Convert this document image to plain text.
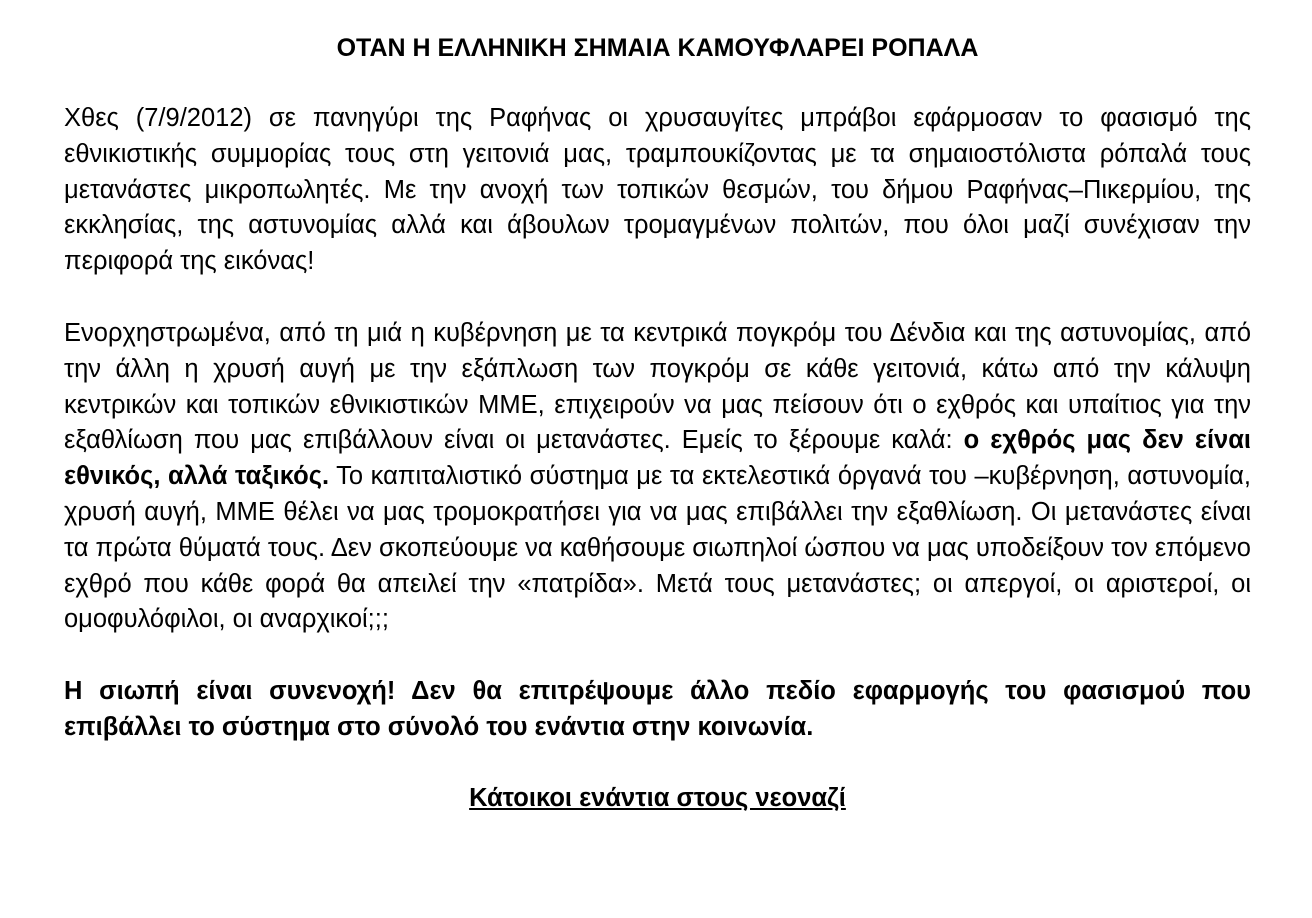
ΟΤΑΝ Η ΕΛΛΗΝΙΚΗ ΣΗΜΑΙΑ ΚΑΜΟΥΦΛΑΡΕΙ ΡΟΠΑΛΑ

Χθες (7/9/2012) σε πανηγύρι της Ραφήνας οι χρυσαυγίτες μπράβοι εφάρμοσαν το φασισμό της εθνικιστικής συμμορίας τους στη γειτονιά μας, τραμπουκίζοντας με τα σημαιοστόλιστα ρόπαλά τους μετανάστες μικροπωλητές. Με την ανοχή των τοπικών θεσμών, του δήμου Ραφήνας–Πικερμίου, της εκκλησίας, της αστυνομίας αλλά και άβουλων τρομαγμένων πολιτών, που όλοι μαζί συνέχισαν την περιφορά της εικόνας!

Ενορχηστρωμένα, από τη μιά η κυβέρνηση με τα κεντρικά πογκρόμ του Δένδια και της αστυνομίας, από την άλλη η χρυσή αυγή με την εξάπλωση των πογκρόμ σε κάθε γειτονιά, κάτω από την κάλυψη κεντρικών και τοπικών εθνικιστικών ΜΜΕ, επιχειρούν να μας πείσουν ότι ο εχθρός και υπαίτιος για την εξαθλίωση που μας επιβάλλουν είναι οι μετανάστες. Εμείς το ξέρουμε καλά: ο εχθρός μας δεν είναι εθνικός, αλλά ταξικός. Το καπιταλιστικό σύστημα με τα εκτελεστικά όργανά του –κυβέρνηση, αστυνομία, χρυσή αυγή, ΜΜΕ θέλει να μας τρομοκρατήσει για να μας επιβάλλει την εξαθλίωση. Οι μετανάστες είναι τα πρώτα θύματά τους. Δεν σκοπεύουμε να καθήσουμε σιωπηλοί ώσπου να μας υποδείξουν τον επόμενο εχθρό που κάθε φορά θα απειλεί την «πατρίδα». Μετά τους μετανάστες; οι απεργοί, οι αριστεροί, οι ομοφυλόφιλοι, οι αναρχικοί;;;

Η σιωπή είναι συνενοχή! Δεν θα επιτρέψουμε άλλο πεδίο εφαρμογής του φασισμού που επιβάλλει το σύστημα στο σύνολό του ενάντια στην κοινωνία.

Κάτοικοι ενάντια στους νεοναζί
